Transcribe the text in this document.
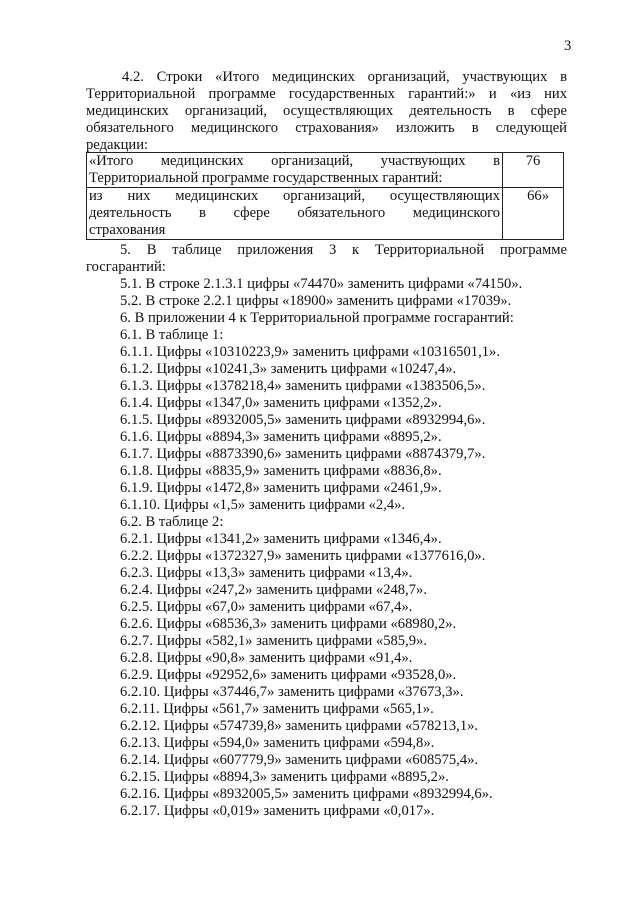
3
4.2. Строки «Итого медицинских организаций, участвующих в
Территориальной программе государственных гарантий:» и «из них
медицинских организаций, осуществляющих деятельность в сфере
обязательного медицинского страхования» изложить в следующей
редакции:
«Итого медицинских организаций, участвующих в
Территориальной программе государственных гарантий:	76

из них медицинских организаций, осуществляющих
деятельность в сфере обязательного медицинского
страхования	66»
5. В таблице приложения 3 к Территориальной программе
госгарантий:
5.1. В строке 2.1.3.1 цифры «74470» заменить цифрами «74150».
5.2. В строке 2.2.1 цифры «18900» заменить цифрами «17039».
6. В приложении 4 к Территориальной программе госгарантий:
6.1. В таблице 1:
6.1.1. Цифры «10310223,9» заменить цифрами «10316501,1».
6.1.2. Цифры «10241,3» заменить цифрами «10247,4».
6.1.3. Цифры «1378218,4» заменить цифрами «1383506,5».
6.1.4. Цифры «1347,0» заменить цифрами «1352,2».
6.1.5. Цифры «8932005,5» заменить цифрами «8932994,6».
6.1.6. Цифры «8894,3» заменить цифрами «8895,2».
6.1.7. Цифры «8873390,6» заменить цифрами «8874379,7».
6.1.8. Цифры «8835,9» заменить цифрами «8836,8».
6.1.9. Цифры «1472,8» заменить цифрами «2461,9».
6.1.10. Цифры «1,5» заменить цифрами «2,4».
6.2. В таблице 2:
6.2.1. Цифры «1341,2» заменить цифрами «1346,4».
6.2.2. Цифры «1372327,9» заменить цифрами «1377616,0».
6.2.3. Цифры «13,3» заменить цифрами «13,4».
6.2.4. Цифры «247,2» заменить цифрами «248,7».
6.2.5. Цифры «67,0» заменить цифрами «67,4».
6.2.6. Цифры «68536,3» заменить цифрами «68980,2».
6.2.7. Цифры «582,1» заменить цифрами «585,9».
6.2.8. Цифры «90,8» заменить цифрами «91,4».
6.2.9. Цифры «92952,6» заменить цифрами «93528,0».
6.2.10. Цифры «37446,7» заменить цифрами «37673,3».
6.2.11. Цифры «561,7» заменить цифрами «565,1».
6.2.12. Цифры «574739,8» заменить цифрами «578213,1».
6.2.13. Цифры «594,0» заменить цифрами «594,8».
6.2.14. Цифры «607779,9» заменить цифрами «608575,4».
6.2.15. Цифры «8894,3» заменить цифрами «8895,2».
6.2.16. Цифры «8932005,5» заменить цифрами «8932994,6».
6.2.17. Цифры «0,019» заменить цифрами «0,017».
